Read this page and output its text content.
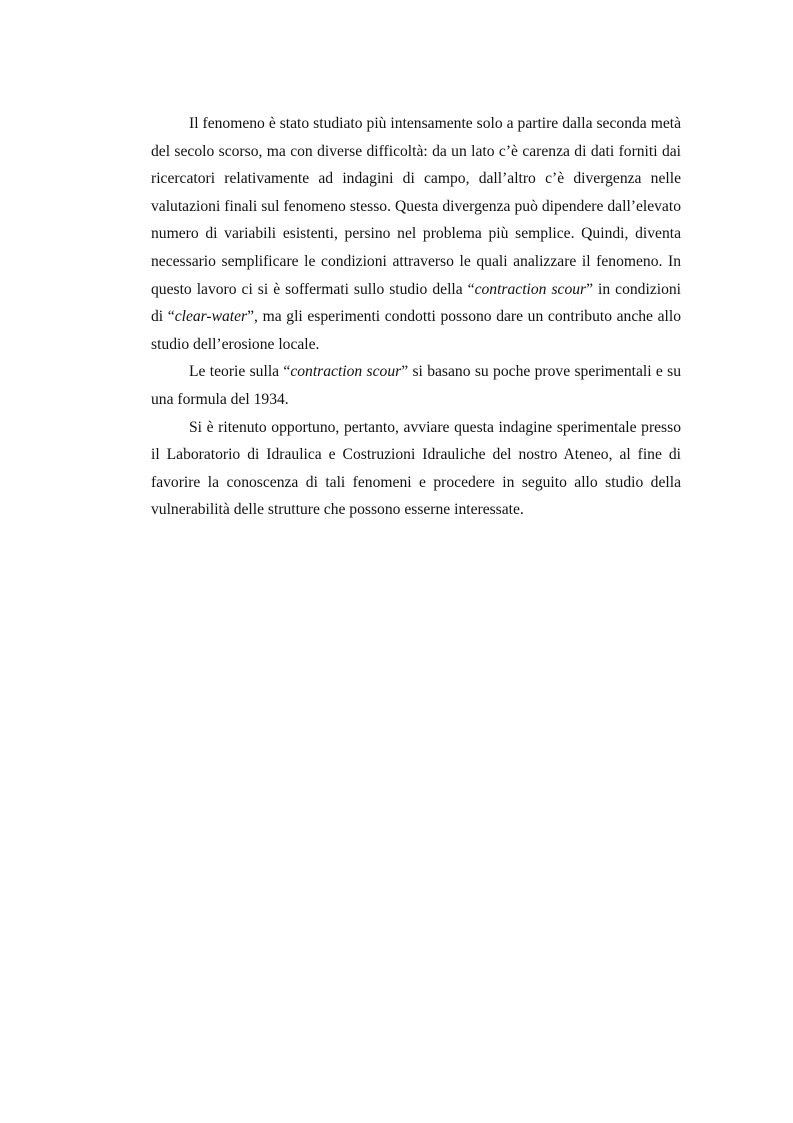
Il fenomeno è stato studiato più intensamente solo a partire dalla seconda metà del secolo scorso, ma con diverse difficoltà: da un lato c’è carenza di dati forniti dai ricercatori relativamente ad indagini di campo, dall’altro c’è divergenza nelle valutazioni finali sul fenomeno stesso. Questa divergenza può dipendere dall’elevato numero di variabili esistenti, persino nel problema più semplice. Quindi, diventa necessario semplificare le condizioni attraverso le quali analizzare il fenomeno. In questo lavoro ci si è soffermati sullo studio della “contraction scour” in condizioni di “clear-water”, ma gli esperimenti condotti possono dare un contributo anche allo studio dell’erosione locale.

Le teorie sulla “contraction scour” si basano su poche prove sperimentali e su una formula del 1934.

Si è ritenuto opportuno, pertanto, avviare questa indagine sperimentale presso il Laboratorio di Idraulica e Costruzioni Idrauliche del nostro Ateneo, al fine di favorire la conoscenza di tali fenomeni e procedere in seguito allo studio della vulnerabilità delle strutture che possono esserne interessate.
